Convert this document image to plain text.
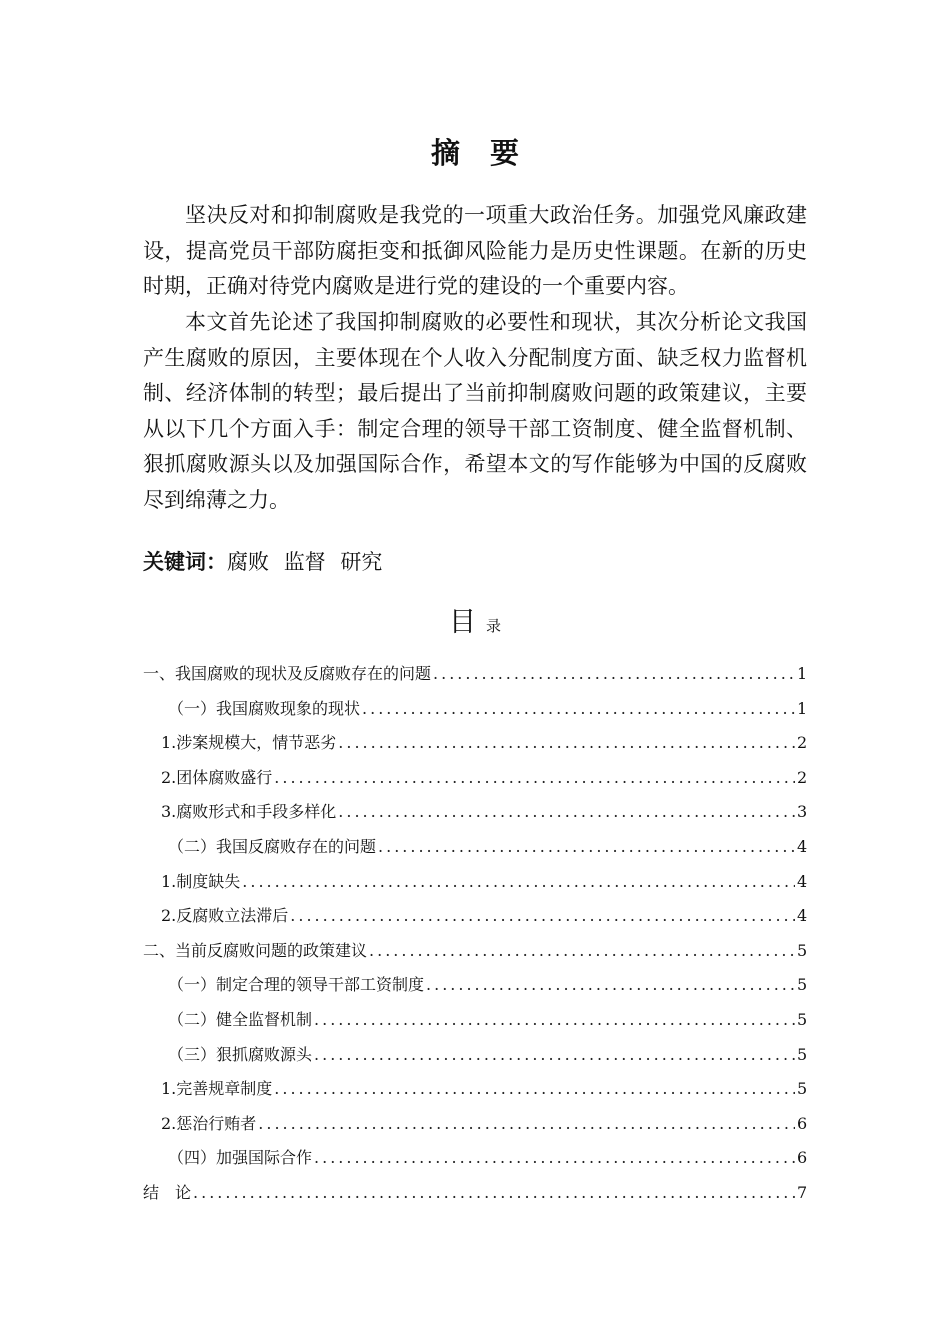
摘要

坚决反对和抑制腐败是我党的一项重大政治任务。加强党风廉政建设，提高党员干部防腐拒变和抵御风险能力是历史性课题。在新的历史时期，正确对待党内腐败是进行党的建设的一个重要内容。

本文首先论述了我国抑制腐败的必要性和现状，其次分析论文我国产生腐败的原因，主要体现在个人收入分配制度方面、缺乏权力监督机制、经济体制的转型；最后提出了当前抑制腐败问题的政策建议，主要从以下几个方面入手：制定合理的领导干部工资制度、健全监督机制、狠抓腐败源头以及加强国际合作，希望本文的写作能够为中国的反腐败尽到绵薄之力。

关键词：腐败 监督 研究
目录
一、我国腐败的现状及反腐败存在的问题 .....	1
（一）我国腐败现象的现状 .....	1
1.涉案规模大，情节恶劣 .....	2
2.团体腐败盛行 .....	2
3.腐败形式和手段多样化 .....	3
（二）我国反腐败存在的问题 .....	4
1.制度缺失 .....	4
2.反腐败立法滞后 .....	4
二、当前反腐败问题的政策建议 .....	5
（一）制定合理的领导干部工资制度 .....	5
（二）健全监督机制 .....	5
（三）狠抓腐败源头 .....	5
1.完善规章制度 .....	5
2.惩治行贿者 .....	6
（四）加强国际合作 .....	6
结　论 .....	7
